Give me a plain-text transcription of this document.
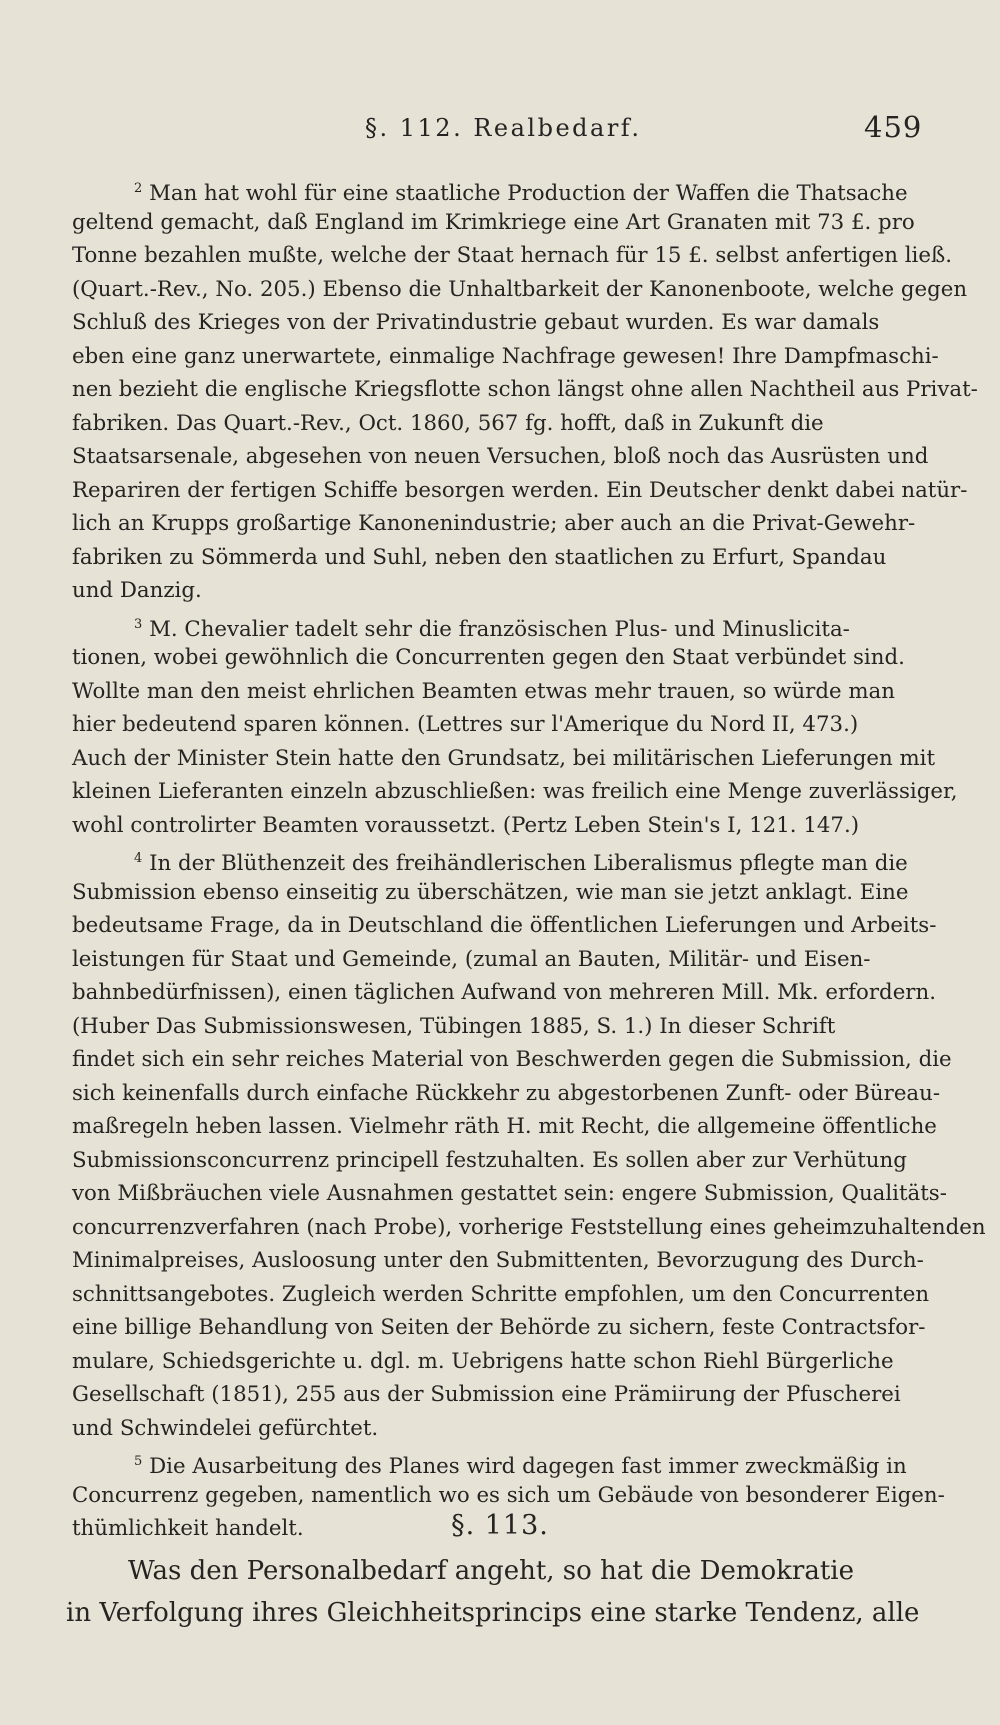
§. 112. Realbedarf.	459
$^2$ Man hat wohl für eine staatliche Production der Waffen die Thatsache
geltend gemacht, daß England im Krimkriege eine Art Granaten mit 73 £. pro
Tonne bezahlen mußte, welche der Staat hernach für 15 £. selbst anfertigen ließ.
(Quart.-Rev., No. 205.) Ebenso die Unhaltbarkeit der Kanonenboote, welche gegen
Schluß des Krieges von der Privatindustrie gebaut wurden. Es war damals
eben eine ganz unerwartete, einmalige Nachfrage gewesen! Ihre Dampfmaschi-
nen bezieht die englische Kriegsflotte schon längst ohne allen Nachtheil aus Privat-
fabriken. Das Quart.-Rev., Oct. 1860, 567 fg. hofft, daß in Zukunft die
Staatsarsenale, abgesehen von neuen Versuchen, bloß noch das Ausrüsten und
Repariren der fertigen Schiffe besorgen werden. Ein Deutscher denkt dabei natür-
lich an Krupps großartige Kanonenindustrie; aber auch an die Privat-Gewehr-
fabriken zu Sömmerda und Suhl, neben den staatlichen zu Erfurt, Spandau
und Danzig.
$^3$ M. Chevalier tadelt sehr die französischen Plus- und Minuslicita-
tionen, wobei gewöhnlich die Concurrenten gegen den Staat verbündet sind.
Wollte man den meist ehrlichen Beamten etwas mehr trauen, so würde man
hier bedeutend sparen können. (Lettres sur l'Amerique du Nord II, 473.)
Auch der Minister Stein hatte den Grundsatz, bei militärischen Lieferungen mit
kleinen Lieferanten einzeln abzuschließen: was freilich eine Menge zuverlässiger,
wohl controlirter Beamten voraussetzt. (Pertz Leben Stein's I, 121. 147.)
$^4$ In der Blüthenzeit des freihändlerischen Liberalismus pflegte man die
Submission ebenso einseitig zu überschätzen, wie man sie jetzt anklagt. Eine
bedeutsame Frage, da in Deutschland die öffentlichen Lieferungen und Arbeits-
leistungen für Staat und Gemeinde, (zumal an Bauten, Militär- und Eisen-
bahnbedürfnissen), einen täglichen Aufwand von mehreren Mill. Mk. erfordern.
(Huber Das Submissionswesen, Tübingen 1885, S. 1.) In dieser Schrift
findet sich ein sehr reiches Material von Beschwerden gegen die Submission, die
sich keinenfalls durch einfache Rückkehr zu abgestorbenen Zunft- oder Büreau-
maßregeln heben lassen. Vielmehr räth H. mit Recht, die allgemeine öffentliche
Submissionsconcurrenz principell festzuhalten. Es sollen aber zur Verhütung
von Mißbräuchen viele Ausnahmen gestattet sein: engere Submission, Qualitäts-
concurrenzverfahren (nach Probe), vorherige Feststellung eines geheimzuhaltenden
Minimalpreises, Ausloosung unter den Submittenten, Bevorzugung des Durch-
schnittsangebotes. Zugleich werden Schritte empfohlen, um den Concurrenten
eine billige Behandlung von Seiten der Behörde zu sichern, feste Contractsfor-
mulare, Schiedsgerichte u. dgl. m. Uebrigens hatte schon Riehl Bürgerliche
Gesellschaft (1851), 255 aus der Submission eine Prämiirung der Pfuscherei
und Schwindelei gefürchtet.
$^5$ Die Ausarbeitung des Planes wird dagegen fast immer zweckmäßig in
Concurrenz gegeben, namentlich wo es sich um Gebäude von besonderer Eigen-
thümlichkeit handelt.	§. 113.
Was den Personalbedarf angeht, so hat die Demokratie
in Verfolgung ihres Gleichheitsprincips eine starke Tendenz, alle
